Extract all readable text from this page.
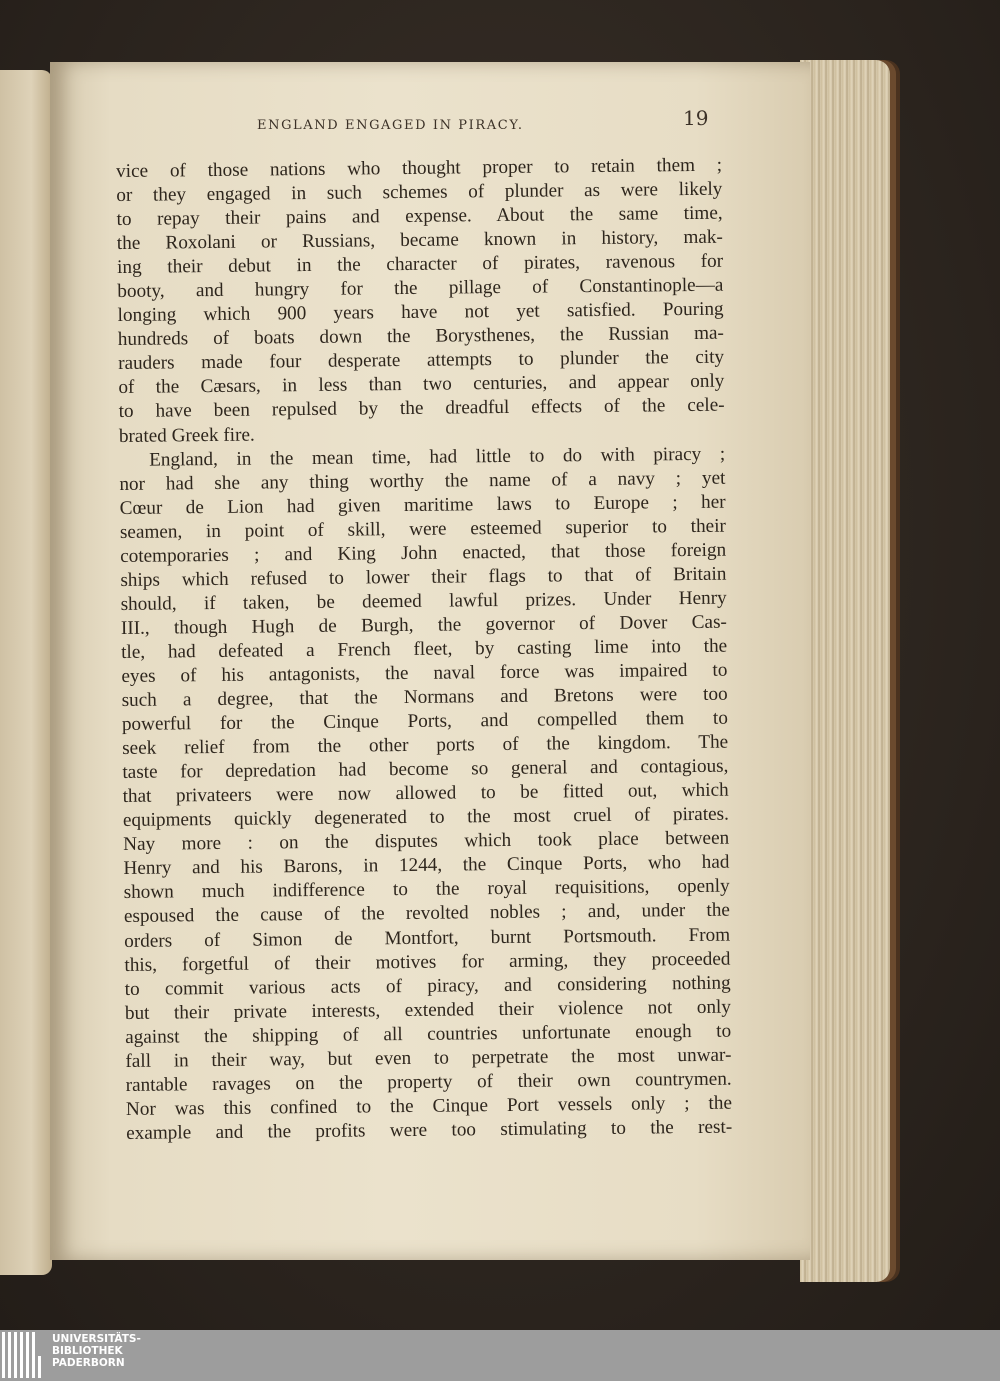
ENGLAND ENGAGED IN PIRACY.	19
vice of those nations who thought proper to retain them ;
or they engaged in such schemes of plunder as were likely
to repay their pains and expense. About the same time,
the Roxolani or Russians, became known in history, mak-
ing their debut in the character of pirates, ravenous for
booty, and hungry for the pillage of Constantinople—a
longing which 900 years have not yet satisfied. Pouring
hundreds of boats down the Borysthenes, the Russian ma-
rauders made four desperate attempts to plunder the city
of the Cæsars, in less than two centuries, and appear only
to have been repulsed by the dreadful effects of the cele-
brated Greek fire.
England, in the mean time, had little to do with piracy ;
nor had she any thing worthy the name of a navy ; yet
Cœur de Lion had given maritime laws to Europe ; her
seamen, in point of skill, were esteemed superior to their
cotemporaries ; and King John enacted, that those foreign
ships which refused to lower their flags to that of Britain
should, if taken, be deemed lawful prizes. Under Henry
III., though Hugh de Burgh, the governor of Dover Cas-
tle, had defeated a French fleet, by casting lime into the
eyes of his antagonists, the naval force was impaired to
such a degree, that the Normans and Bretons were too
powerful for the Cinque Ports, and compelled them to
seek relief from the other ports of the kingdom. The
taste for depredation had become so general and contagious,
that privateers were now allowed to be fitted out, which
equipments quickly degenerated to the most cruel of pirates.
Nay more : on the disputes which took place between
Henry and his Barons, in 1244, the Cinque Ports, who had
shown much indifference to the royal requisitions, openly
espoused the cause of the revolted nobles ; and, under the
orders of Simon de Montfort, burnt Portsmouth. From
this, forgetful of their motives for arming, they proceeded
to commit various acts of piracy, and considering nothing
but their private interests, extended their violence not only
against the shipping of all countries unfortunate enough to
fall in their way, but even to perpetrate the most unwar-
rantable ravages on the property of their own countrymen.
Nor was this confined to the Cinque Port vessels only ; the
example and the profits were too stimulating to the rest-
UNIVERSITÄTS-
BIBLIOTHEK
PADERBORN
